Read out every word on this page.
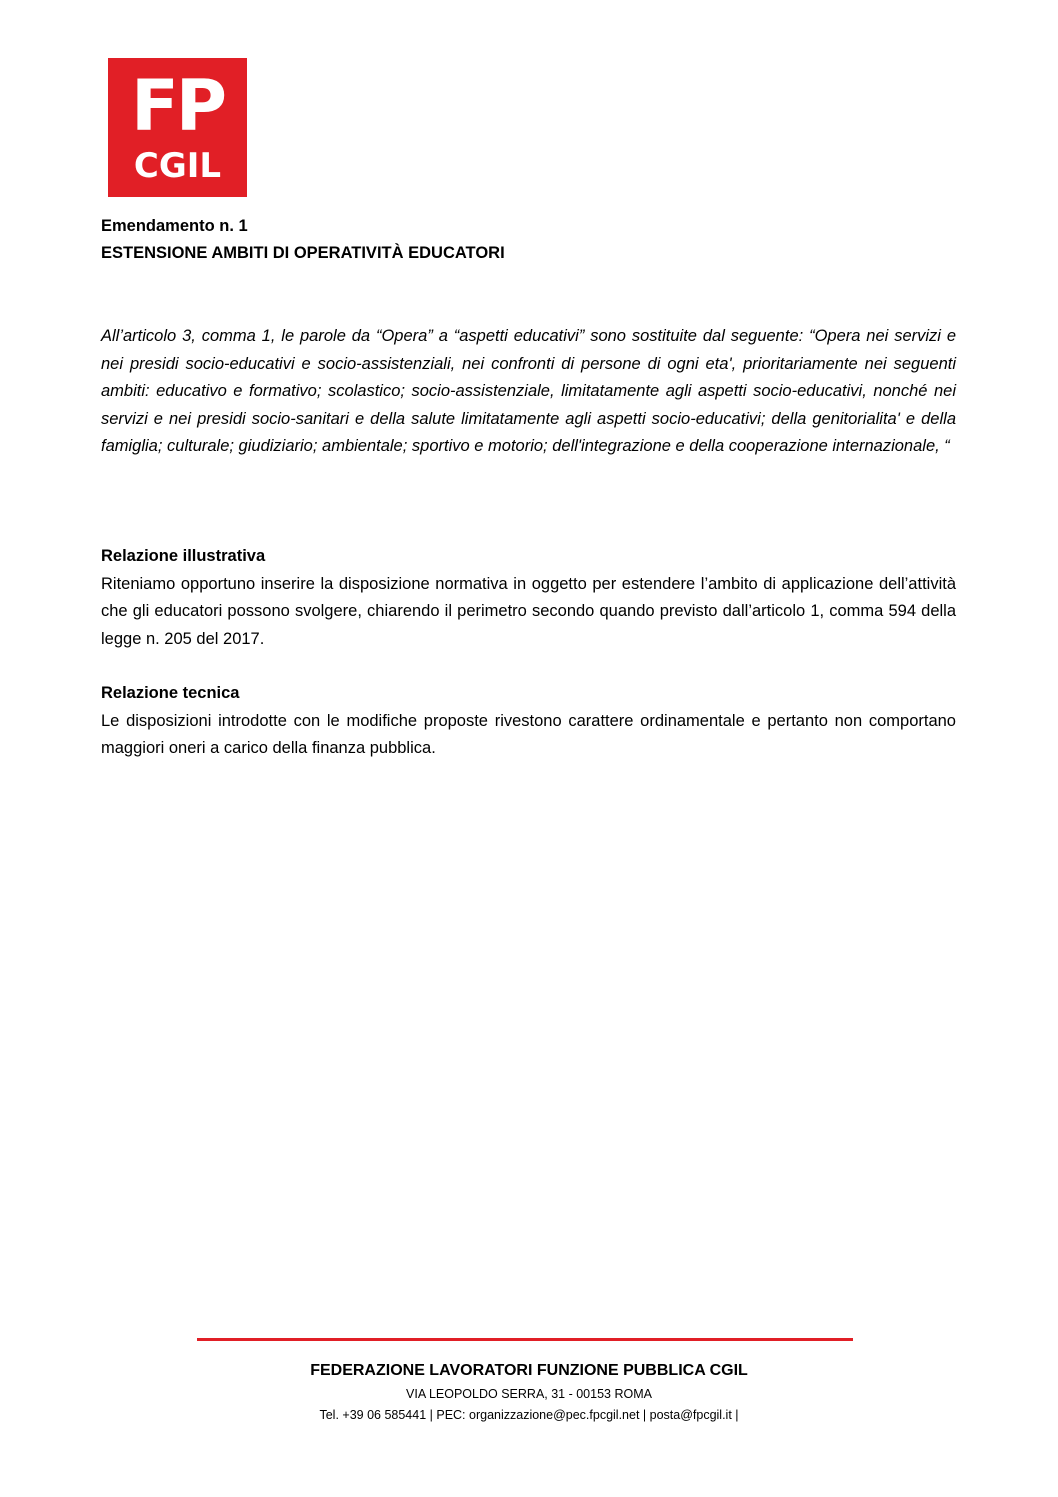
FP
CGIL
Emendamento n. 1
ESTENSIONE AMBITI DI OPERATIVITÀ EDUCATORI
All’articolo 3, comma 1, le parole da “Opera” a “aspetti educativi” sono sostituite dal seguente: “Opera nei servizi e nei presidi socio-educativi e socio-assistenziali, nei confronti di persone di ogni eta', prioritariamente nei seguenti ambiti: educativo e formativo; scolastico; socio-assistenziale, limitatamente agli aspetti socio-educativi, nonché nei servizi e nei presidi socio-sanitari e della salute limitatamente agli aspetti socio-educativi; della genitorialita' e della famiglia; culturale; giudiziario; ambientale; sportivo e motorio; dell'integrazione e della cooperazione internazionale, “
Relazione illustrativa
Riteniamo opportuno inserire la disposizione normativa in oggetto per estendere l’ambito di applicazione dell’attività che gli educatori possono svolgere, chiarendo il perimetro secondo quando previsto dall’articolo 1, comma 594 della legge n. 205 del 2017.
Relazione tecnica
Le disposizioni introdotte con le modifiche proposte rivestono carattere ordinamentale e pertanto non comportano maggiori oneri a carico della finanza pubblica.
FEDERAZIONE LAVORATORI FUNZIONE PUBBLICA CGIL
VIA LEOPOLDO SERRA, 31 - 00153 ROMA
Tel. +39 06 585441 | PEC: organizzazione@pec.fpcgil.net | posta@fpcgil.it |
